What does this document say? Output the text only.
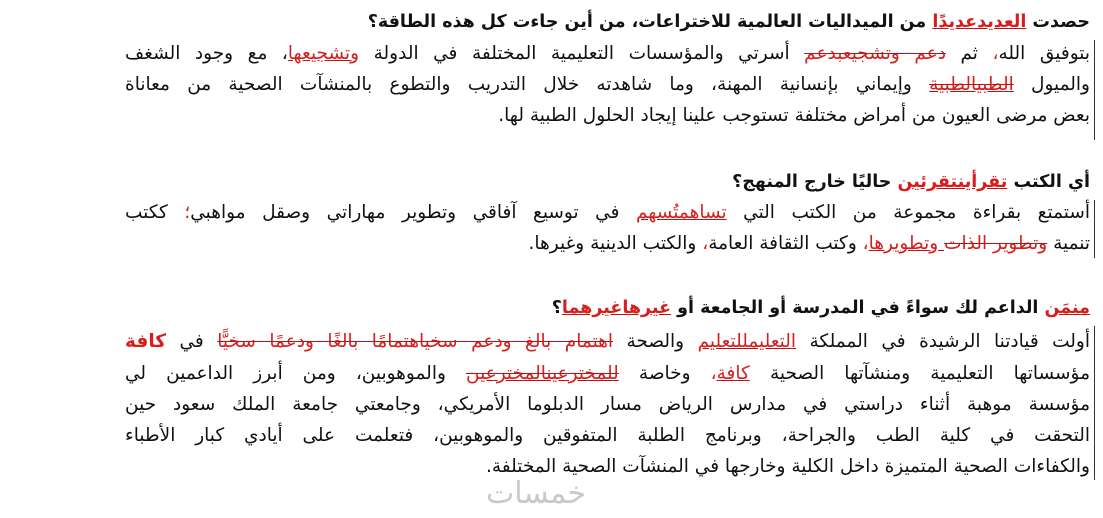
حصدت العديدعديدًا من الميداليات العالمية للاختراعات، من أين جاءت كل هذه الطاقة؟
بتوفيق الله، ثم دعم وتشجيعبدعم أسرتي والمؤسسات التعليمية المختلفة في الدولة وتشجيعها، مع وجود الشغف
والميول الطبيالطبية وإيماني بإنسانية المهنة، وما شاهدته خلال التدريب والتطوع بالمنشآت الصحية من معاناة
بعض مرضى العيون من أمراض مختلفة تستوجب علينا إيجاد الحلول الطبية لها.
أي الكتب تقرأينتقرئين حاليًا خارج المنهج؟
أستمتع بقراءة مجموعة من الكتب التي تساهمتُسهم في توسيع آفاقي وتطوير مهاراتي وصقل مواهبي؛ ككتب
تنمية وتطوير الذات وتطويرها، وكتب الثقافة العامة، والكتب الدينية وغيرها.
منمَن الداعم لك سواءً في المدرسة أو الجامعة أو غيرهاغيرهما؟
أولت قيادتنا الرشيدة في المملكة التعليمللتعليم والصحة اهتمام بالغ ودعم سخياهتمامًا بالغًا ودعمًا سخيًّا في كافة
مؤسساتها التعليمية ومنشآتها الصحية كافة، وخاصة للمخترعينالمخترعين والموهوبين، ومن أبرز الداعمين لي
مؤسسة موهبة أثناء دراستي في مدارس الرياض مسار الدبلوما الأمريكي، وجامعتي جامعة الملك سعود حين
التحقت في كلية الطب والجراحة، وبرنامج الطلبة المتفوقين والموهوبين، فتعلمت على أيادي كبار الأطباء
والكفاءات الصحية المتميزة داخل الكلية وخارجها في المنشآت الصحية المختلفة.
خمسات
